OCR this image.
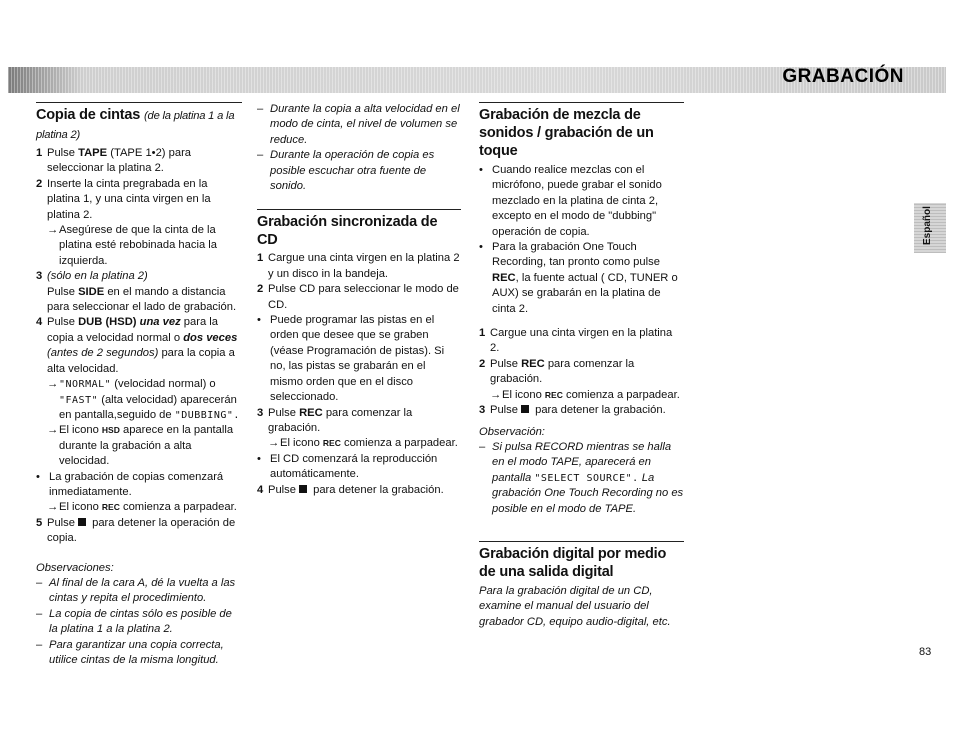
GRABACIÓN
Español
Copia de cintas (de la platina 1 a la platina 2)
1 Pulse TAPE (TAPE 1•2) para seleccionar la platina 2.
2 Inserte la cinta pregrabada en la platina 1, y una cinta virgen en la platina 2.
→ Asegúrese de que la cinta de la platina esté rebobinada hacia la izquierda.
3 (sólo en la platina 2)
Pulse SIDE en el mando a distancia para seleccionar el lado de grabación.
4 Pulse DUB (HSD) una vez para la copia a velocidad normal o dos veces (antes de 2 segundos) para la copia a alta velocidad.
→ "NORMAL" (velocidad normal) o "FAST" (alta velocidad) aparecerán en pantalla,seguido de "DUBBING".
→ El icono HSD aparece en la pantalla durante la grabación a alta velocidad.
• La grabación de copias comenzará inmediatamente.
→ El icono REC comienza a parpadear.
5 Pulse para detener la operación de copia.
Observaciones:
– Al final de la cara A, dé la vuelta a las cintas y repita el procedimiento.
– La copia de cintas sólo es posible de la platina 1 a la platina 2.
– Para garantizar una copia correcta, utilice cintas de la misma longitud.
– Durante la copia a alta velocidad en el modo de cinta, el nivel de volumen se reduce.
– Durante la operación de copia es posible escuchar otra fuente de sonido.
Grabación sincronizada de CD
1 Cargue una cinta virgen en la platina 2 y un disco in la bandeja.
2 Pulse CD para seleccionar le modo de CD.
• Puede programar las pistas en el orden que desee que se graben (véase Programación de pistas). Si no, las pistas se grabarán en el mismo orden que en el disco seleccionado.
3 Pulse REC para comenzar la grabación.
→ El icono REC comienza a parpadear.
• El CD comenzará la reproducción automáticamente.
4 Pulse para detener la grabación.
Grabación de mezcla de sonidos / grabación de un toque
• Cuando realice mezclas con el micrófono, puede grabar el sonido mezclado en la platina de cinta 2, excepto en el modo de "dubbing" operación de copia.
• Para la grabación One Touch Recording, tan pronto como pulse REC, la fuente actual ( CD, TUNER o AUX) se grabarán en la platina de cinta 2.
1 Cargue una cinta virgen en la platina 2.
2 Pulse REC para comenzar la grabación.
→ El icono REC comienza a parpadear.
3 Pulse para detener la grabación.
Observación:
– Si pulsa RECORD mientras se halla en el modo TAPE, aparecerá en pantalla "SELECT SOURCE". La grabación One Touch Recording no es posible en el modo de TAPE.
Grabación digital por medio de una salida digital
Para la grabación digital de un CD, examine el manual del usuario del grabador CD, equipo audio-digital, etc.
83
